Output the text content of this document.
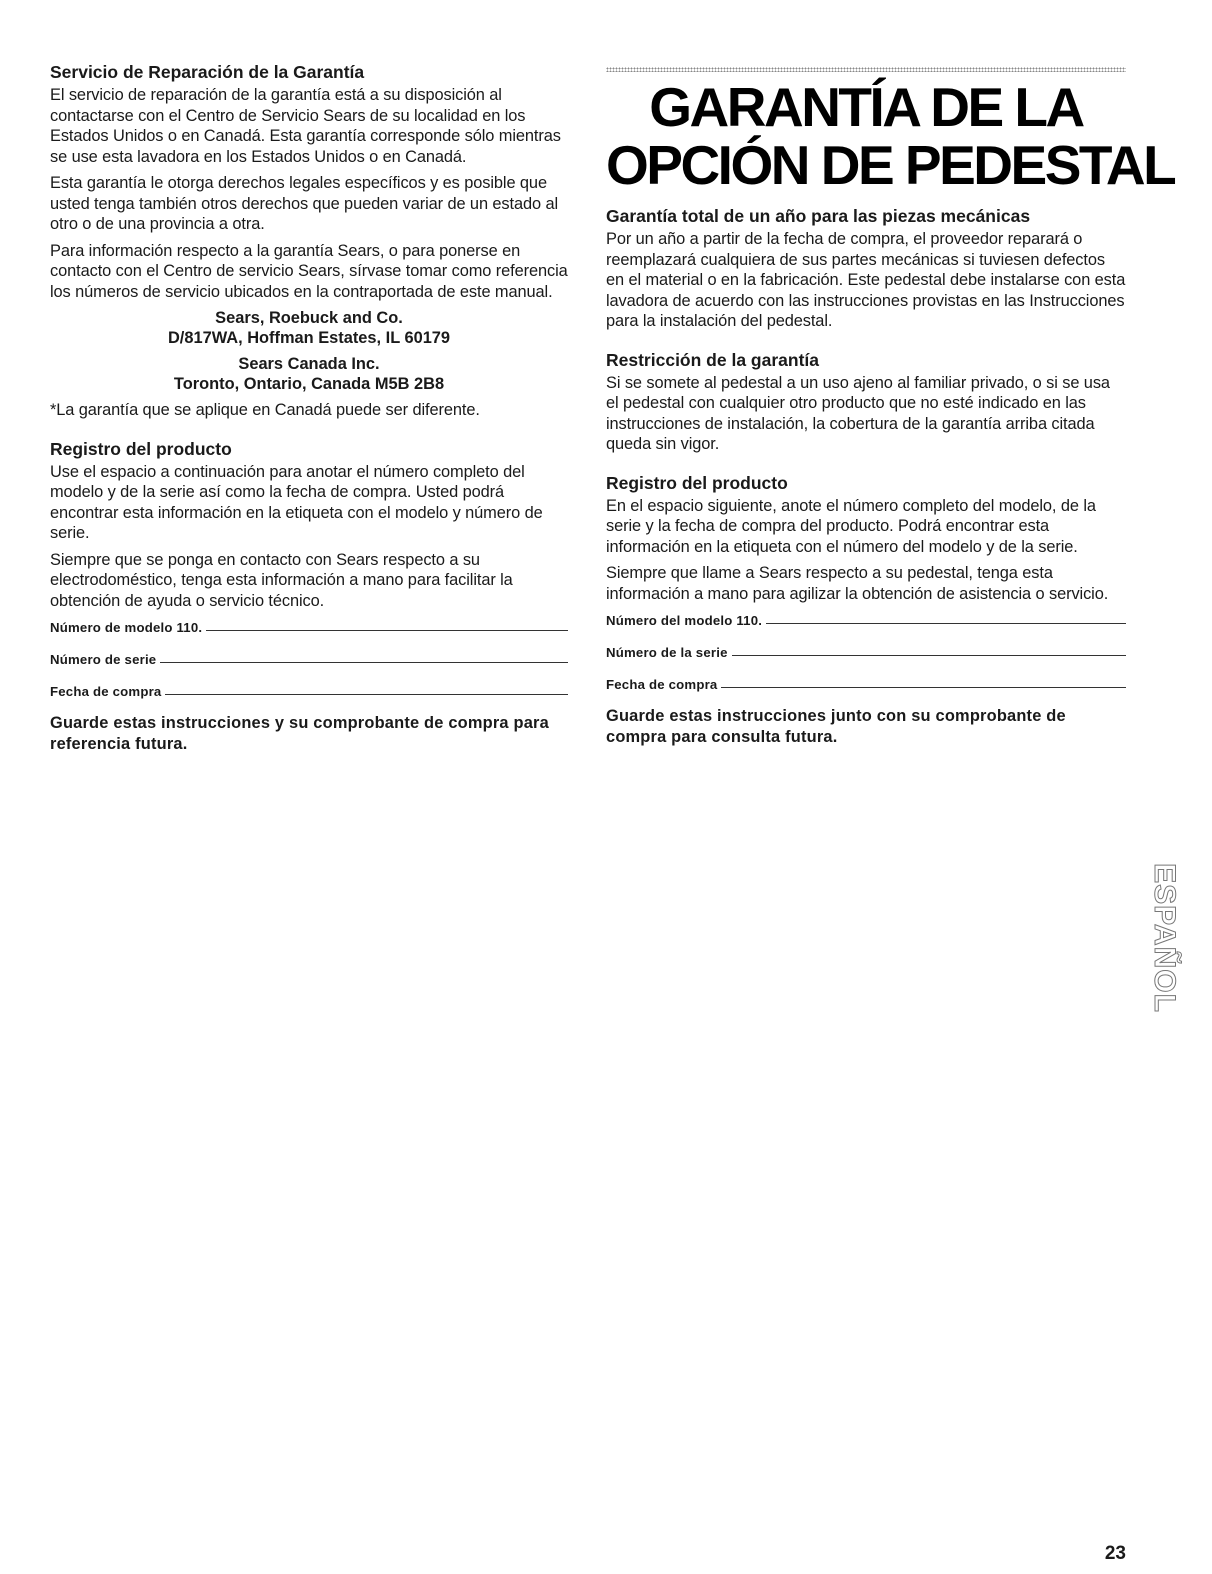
Servicio de Reparación de la Garantía

El servicio de reparación de la garantía está a su disposición al contactarse con el Centro de Servicio Sears de su localidad en los Estados Unidos o en Canadá. Esta garantía corresponde sólo mientras se use esta lavadora en los Estados Unidos o en Canadá.

Esta garantía le otorga derechos legales específicos y es posible que usted tenga también otros derechos que pueden variar de un estado al otro o de una provincia a otra.

Para información respecto a la garantía Sears, o para ponerse en contacto con el Centro de servicio Sears, sírvase tomar como referencia los números de servicio ubicados en la contraportada de este manual.

Sears, Roebuck and Co.
D/817WA, Hoffman Estates, IL 60179
Sears Canada Inc.
Toronto, Ontario, Canada M5B 2B8

*La garantía que se aplique en Canadá puede ser diferente.

Registro del producto

Use el espacio a continuación para anotar el número completo del modelo y de la serie así como la fecha de compra. Usted podrá encontrar esta información en la etiqueta con el modelo y número de serie.

Siempre que se ponga en contacto con Sears respecto a su electrodoméstico, tenga esta información a mano para facilitar la obtención de ayuda o servicio técnico.

Número de modelo 110.
Número de serie
Fecha de compra
Guarde estas instrucciones y su comprobante de compra para referencia futura.
GARANTÍA DE LA
OPCIÓN DE PEDESTAL
Garantía total de un año para las piezas mecánicas

Por un año a partir de la fecha de compra, el proveedor reparará o reemplazará cualquiera de sus partes mecánicas si tuviesen defectos en el material o en la fabricación. Este pedestal debe instalarse con esta lavadora de acuerdo con las instrucciones provistas en las Instrucciones para la instalación del pedestal.

Restricción de la garantía

Si se somete al pedestal a un uso ajeno al familiar privado, o si se usa el pedestal con cualquier otro producto que no esté indicado en las instrucciones de instalación, la cobertura de la garantía arriba citada queda sin vigor.

Registro del producto

En el espacio siguiente, anote el número completo del modelo, de la serie y la fecha de compra del producto. Podrá encontrar esta información en la etiqueta con el número del modelo y de la serie.

Siempre que llame a Sears respecto a su pedestal, tenga esta información a mano para agilizar la obtención de asistencia o servicio.

Número del modelo 110.
Número de la serie
Fecha de compra
Guarde estas instrucciones junto con su comprobante de compra para consulta futura.
ESPAÑOL
23
